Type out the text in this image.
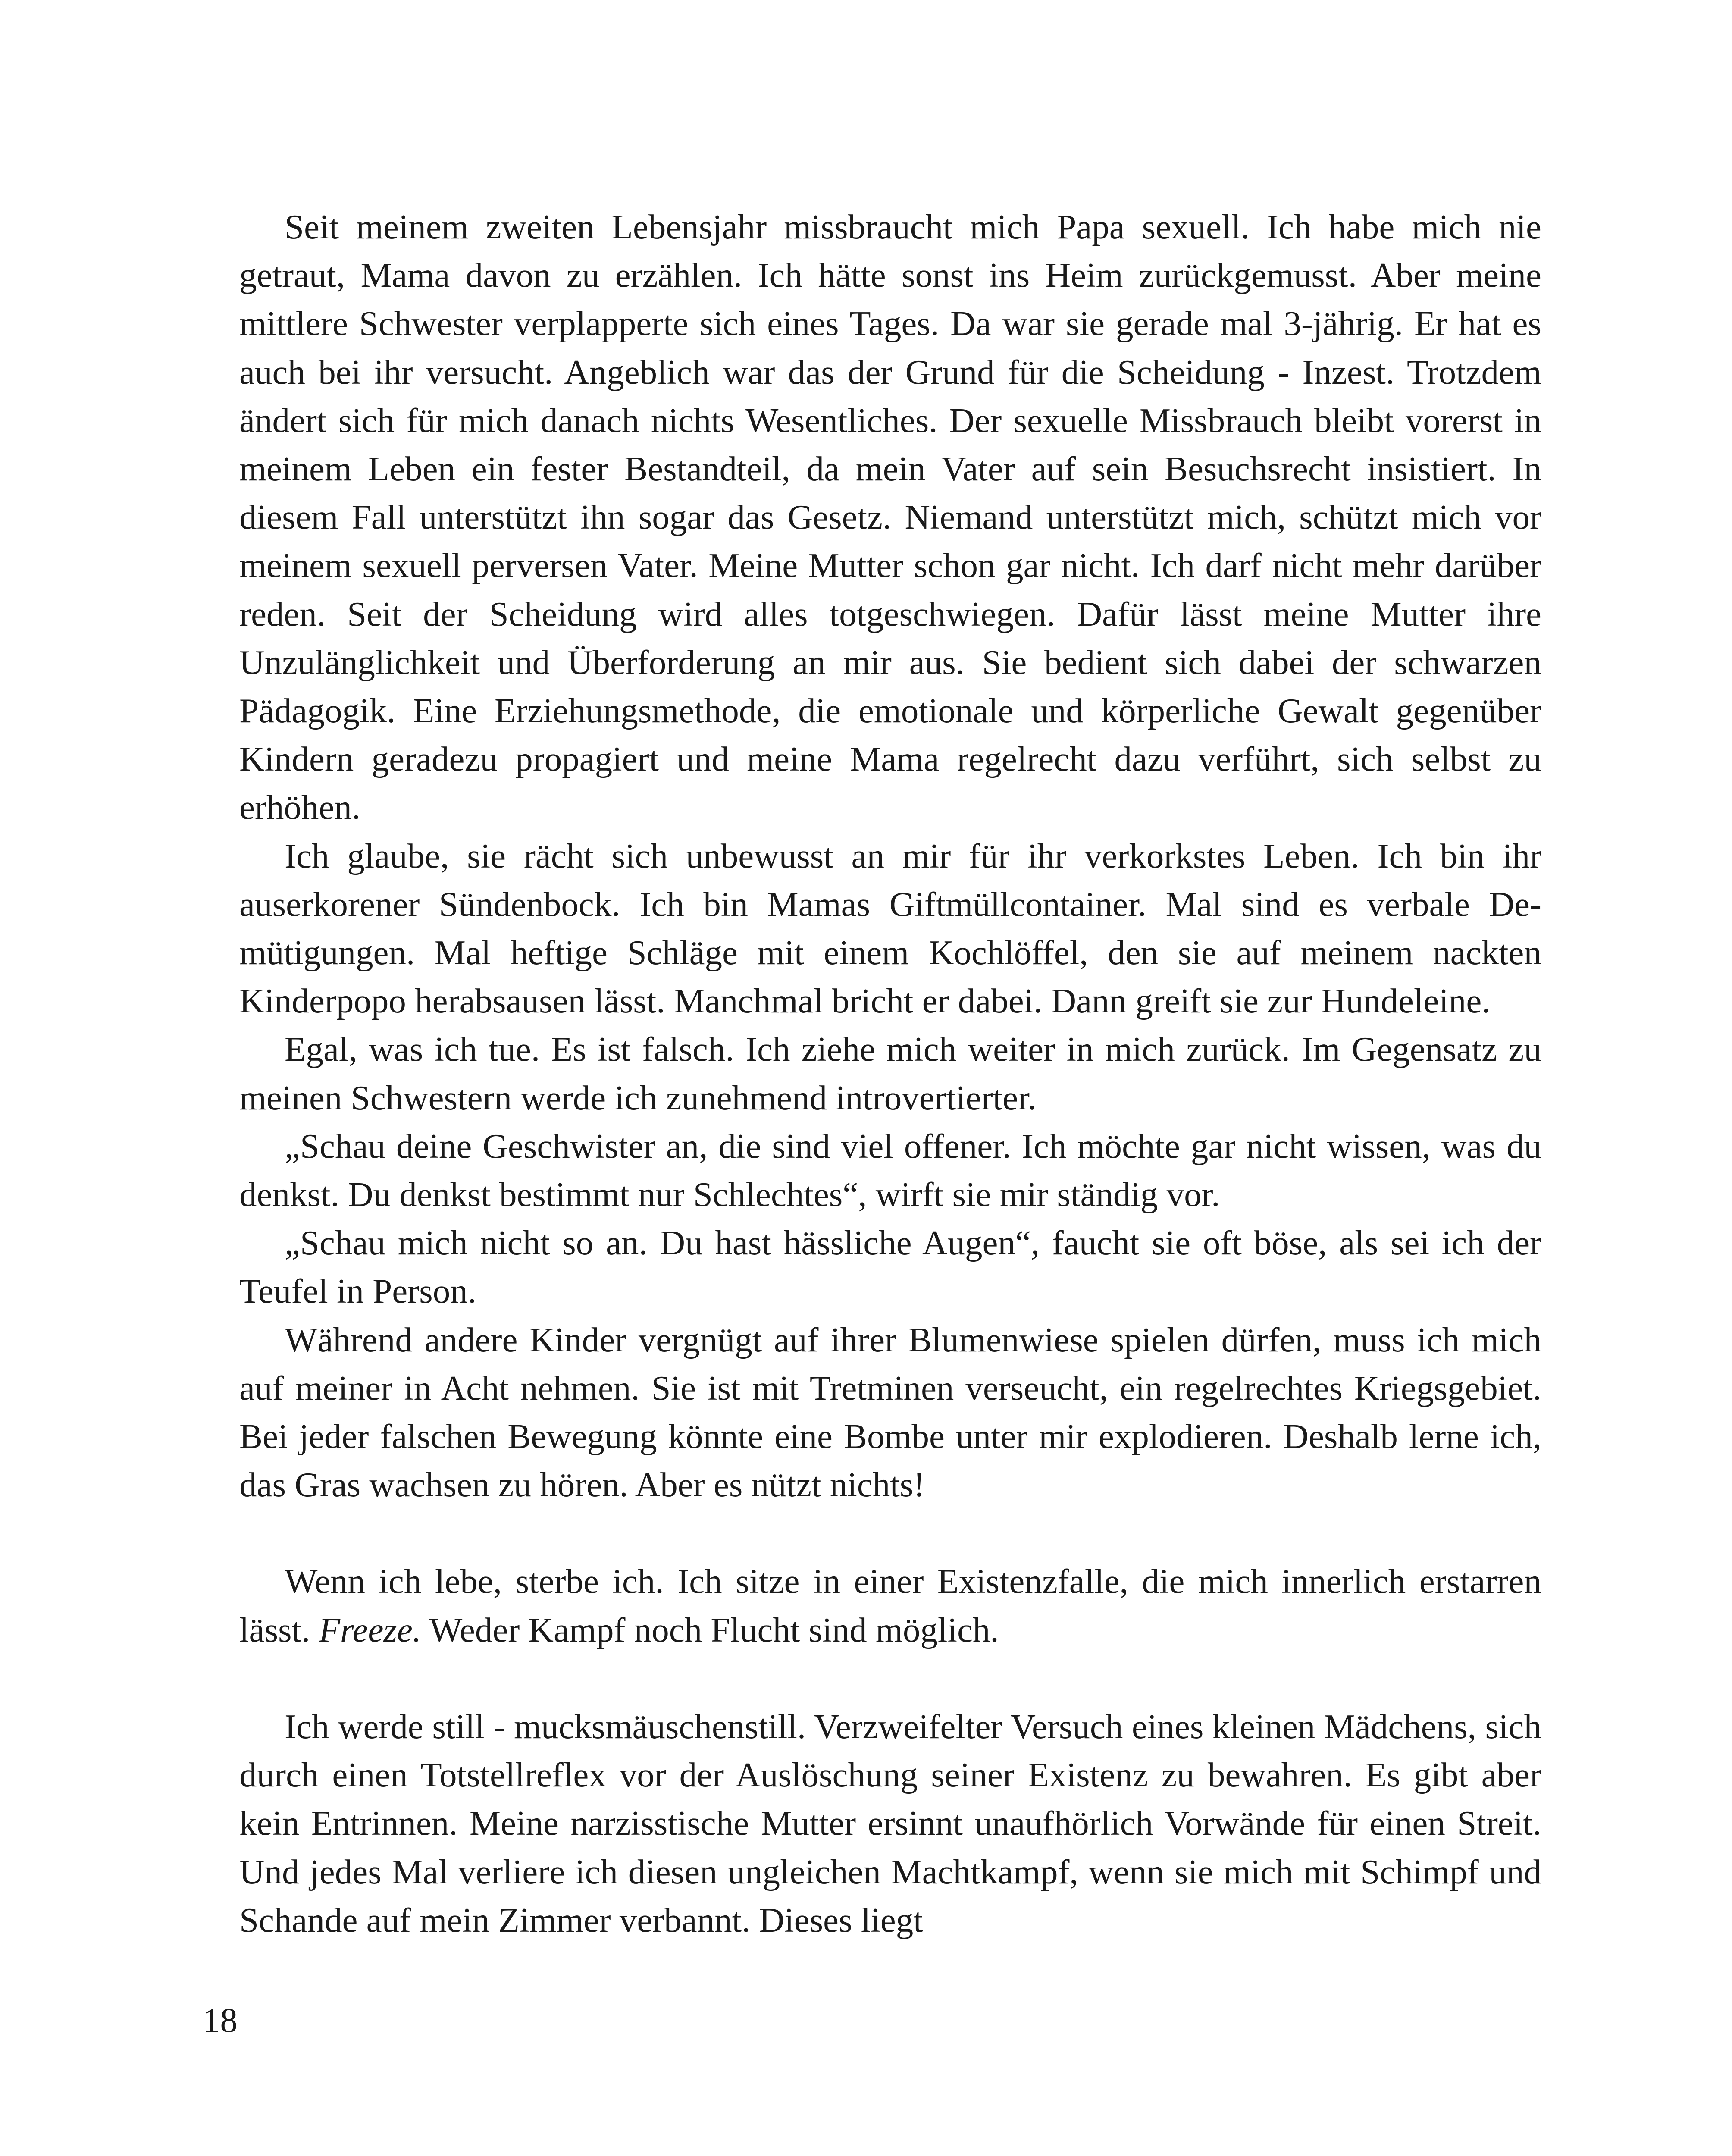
Seit meinem zweiten Lebensjahr missbraucht mich Papa sexuell. Ich habe mich nie getraut, Mama davon zu erzählen. Ich hätte sonst ins Heim zurückgemusst. Aber meine mittlere Schwester verplapperte sich eines Tages. Da war sie gerade mal 3-jährig. Er hat es auch bei ihr versucht. Angeblich war das der Grund für die Scheidung - Inzest. Trotzdem ändert sich für mich danach nichts Wesentliches. Der sexuelle Missbrauch bleibt vorerst in meinem Leben ein fester Bestandteil, da mein Vater auf sein Besuchsrecht insistiert. In diesem Fall unterstützt ihn sogar das Gesetz. Niemand unterstützt mich, schützt mich vor meinem sexuell perversen Vater. Meine Mutter schon gar nicht. Ich darf nicht mehr darüber reden. Seit der Scheidung wird alles totgeschwiegen. Dafür lässt meine Mutter ihre Unzulänglichkeit und Überforderung an mir aus. Sie bedient sich dabei der schwarzen Pädagogik. Eine Erziehungsmethode, die emotionale und körperliche Gewalt gegenüber Kindern geradezu propagiert und meine Mama regelrecht dazu verführt, sich selbst zu erhöhen.

Ich glaube, sie rächt sich unbewusst an mir für ihr verkorkstes Leben. Ich bin ihr auserkorener Sündenbock. Ich bin Mamas Giftmüllcontainer. Mal sind es verbale Demütigungen. Mal heftige Schläge mit einem Kochlöffel, den sie auf meinem nackten Kinderpopo herabsausen lässt. Manchmal bricht er dabei. Dann greift sie zur Hundeleine.

Egal, was ich tue. Es ist falsch. Ich ziehe mich weiter in mich zurück. Im Gegensatz zu meinen Schwestern werde ich zunehmend introvertierter.

„Schau deine Geschwister an, die sind viel offener. Ich möchte gar nicht wissen, was du denkst. Du denkst bestimmt nur Schlechtes“, wirft sie mir ständig vor.

„Schau mich nicht so an. Du hast hässliche Augen“, faucht sie oft böse, als sei ich der Teufel in Person.

Während andere Kinder vergnügt auf ihrer Blumenwiese spielen dürfen, muss ich mich auf meiner in Acht nehmen. Sie ist mit Tretminen verseucht, ein regelrechtes Kriegsgebiet. Bei jeder falschen Bewegung könnte eine Bombe unter mir explodieren. Deshalb lerne ich, das Gras wachsen zu hören. Aber es nützt nichts!

Wenn ich lebe, sterbe ich. Ich sitze in einer Existenzfalle, die mich innerlich erstarren lässt. Freeze. Weder Kampf noch Flucht sind möglich.

Ich werde still - mucksmäuschenstill. Verzweifelter Versuch eines kleinen Mädchens, sich durch einen Totstellreflex vor der Auslöschung seiner Existenz zu bewahren. Es gibt aber kein Entrinnen. Meine narzisstische Mutter ersinnt unaufhörlich Vorwände für einen Streit. Und jedes Mal verliere ich diesen ungleichen Machtkampf, wenn sie mich mit Schimpf und Schande auf mein Zimmer verbannt. Dieses liegt

18
